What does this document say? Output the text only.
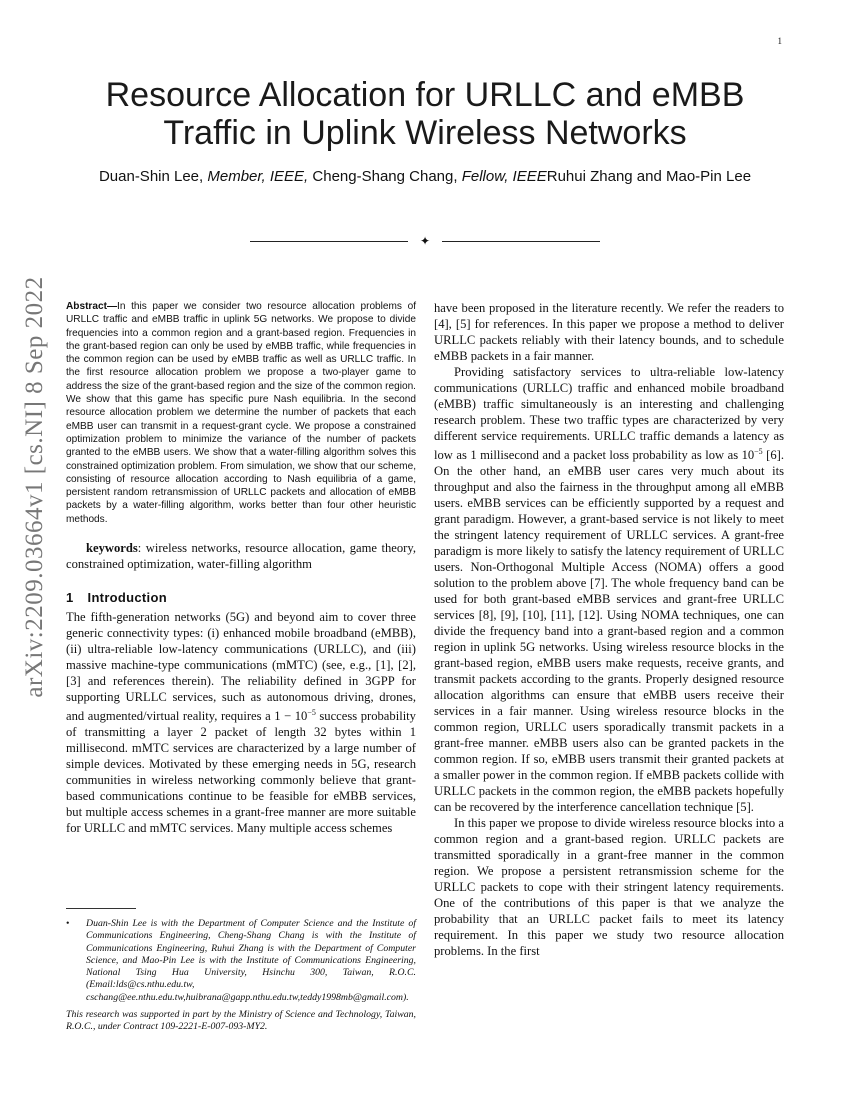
1
arXiv:2209.03664v1 [cs.NI] 8 Sep 2022
Resource Allocation for URLLC and eMBB
Traffic in Uplink Wireless Networks
Duan-Shin Lee, Member, IEEE, Cheng-Shang Chang, Fellow, IEEERuhui Zhang and Mao-Pin Lee
✦
Abstract—In this paper we consider two resource allocation problems of URLLC traffic and eMBB traffic in uplink 5G networks. We propose to divide frequencies into a common region and a grant-based region. Frequencies in the grant-based region can only be used by eMBB traffic, while frequencies in the common region can be used by eMBB traffic as well as URLLC traffic. In the first resource allocation problem we propose a two-player game to address the size of the grant-based region and the size of the common region. We show that this game has specific pure Nash equilibria. In the second resource allocation problem we determine the number of packets that each eMBB user can transmit in a request-grant cycle. We propose a constrained optimization problem to minimize the variance of the number of packets granted to the eMBB users. We show that a water-filling algorithm solves this constrained optimization problem. From simulation, we show that our scheme, consisting of resource allocation according to Nash equilibria of a game, persistent random retransmission of URLLC packets and allocation of eMBB packets by a water-filling algorithm, works better than four other heuristic methods.
keywords: wireless networks, resource allocation, game theory, constrained optimization, water-filling algorithm
1 Introduction
The fifth-generation networks (5G) and beyond aim to cover three generic connectivity types: (i) enhanced mobile broadband (eMBB), (ii) ultra-reliable low-latency communications (URLLC), and (iii) massive machine-type communications (mMTC) (see, e.g., [1], [2], [3] and references therein). The reliability defined in 3GPP for supporting URLLC services, such as autonomous driving, drones, and augmented/virtual reality, requires a $1 - 10^{-5}$ success probability of transmitting a layer 2 packet of length 32 bytes within 1 millisecond. mMTC services are characterized by a large number of simple devices. Motivated by these emerging needs in 5G, research communities in wireless networking commonly believe that grant-based communications continue to be feasible for eMBB services, but multiple access schemes in a grant-free manner are more suitable for URLLC and mMTC services. Many multiple access schemes
• Duan-Shin Lee is with the Department of Computer Science and the Institute of Communications Engineering, Cheng-Shang Chang is with the Institute of Communications Engineering, Ruhui Zhang is with the Department of Computer Science, and Mao-Pin Lee is with the Institute of Communications Engineering, National Tsing Hua University, Hsinchu 300, Taiwan, R.O.C. (Email:lds@cs.nthu.edu.tw, cschang@ee.nthu.edu.tw,huibrana@gapp.nthu.edu.tw,teddy1998mb@gmail.com).
This research was supported in part by the Ministry of Science and Technology, Taiwan, R.O.C., under Contract 109-2221-E-007-093-MY2.

have been proposed in the literature recently. We refer the readers to [4], [5] for references. In this paper we propose a method to deliver URLLC packets reliably with their latency bounds, and to schedule eMBB packets in a fair manner.

Providing satisfactory services to ultra-reliable low-latency communications (URLLC) traffic and enhanced mobile broadband (eMBB) traffic simultaneously is an interesting and challenging research problem. These two traffic types are characterized by very different service requirements. URLLC traffic demands a latency as low as 1 millisecond and a packet loss probability as low as $10^{-5}$ [6]. On the other hand, an eMBB user cares very much about its throughput and also the fairness in the throughput among all eMBB users. eMBB services can be efficiently supported by a request and grant paradigm. However, a grant-based service is not likely to meet the stringent latency requirement of URLLC services. A grant-free paradigm is more likely to satisfy the latency requirement of URLLC users. Non-Orthogonal Multiple Access (NOMA) offers a good solution to the problem above [7]. The whole frequency band can be used for both grant-based eMBB services and grant-free URLLC services [8], [9], [10], [11], [12]. Using NOMA techniques, one can divide the frequency band into a grant-based region and a common region in uplink 5G networks. Using wireless resource blocks in the grant-based region, eMBB users make requests, receive grants, and transmit packets according to the grants. Properly designed resource allocation algorithms can ensure that eMBB users receive their services in a fair manner. Using wireless resource blocks in the common region, URLLC users sporadically transmit packets in a grant-free manner. eMBB users also can be granted packets in the common region. If so, eMBB users transmit their granted packets at a smaller power in the common region. If eMBB packets collide with URLLC packets in the common region, the eMBB packets hopefully can be recovered by the interference cancellation technique [5].

In this paper we propose to divide wireless resource blocks into a common region and a grant-based region. URLLC packets are transmitted sporadically in a grant-free manner in the common region. We propose a persistent retransmission scheme for the URLLC packets to cope with their stringent latency requirements. One of the contributions of this paper is that we analyze the probability that an URLLC packet fails to meet its latency requirement. In this paper we study two resource allocation problems. In the first
